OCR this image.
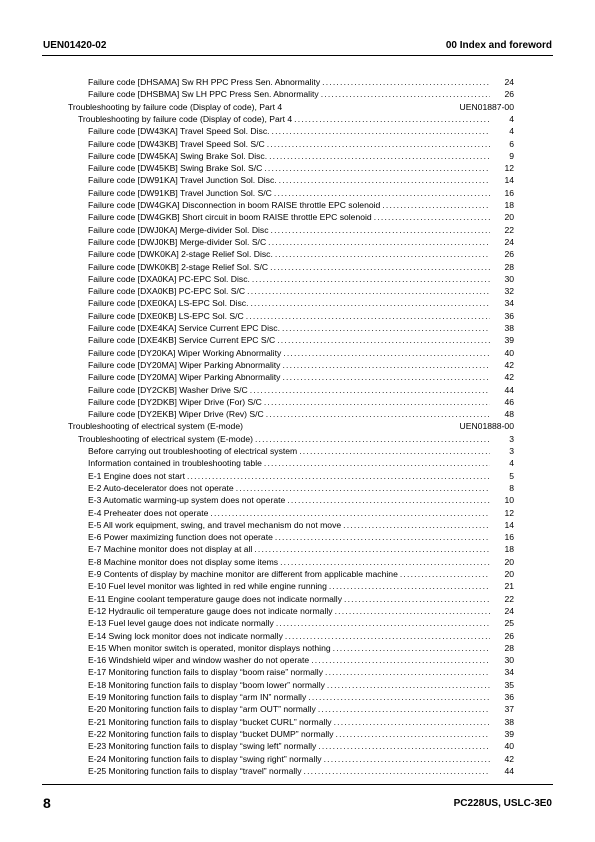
UEN01420-02	00 Index and foreword
Failure code [DHSAMA] Sw RH PPC Press Sen. Abnormality . . .	24
Failure code [DHSBMA] Sw LH PPC Press Sen. Abnormality . . .	26
Troubleshooting by failure code (Display of code), Part 4	UEN01887-00
Troubleshooting by failure code (Display of code), Part 4 . . .	4
Failure code [DW43KA] Travel Speed Sol. Disc. . . .	4
Failure code [DW43KB] Travel Speed Sol. S/C . . .	6
Failure code [DW45KA] Swing Brake Sol. Disc. . . .	9
Failure code [DW45KB] Swing Brake Sol. S/C . . .	12
Failure code [DW91KA] Travel Junction Sol. Disc. . . .	14
Failure code [DW91KB] Travel Junction Sol. S/C . . .	16
Failure code [DW4GKA] Disconnection in boom RAISE throttle EPC solenoid . . .	18
Failure code [DW4GKB] Short circuit in boom RAISE throttle EPC solenoid . . .	20
Failure code [DWJ0KA] Merge-divider Sol. Disc . . .	22
Failure code [DWJ0KB] Merge-divider Sol. S/C . . .	24
Failure code [DWK0KA] 2-stage Relief Sol. Disc. . . .	26
Failure code [DWK0KB] 2-stage Relief Sol. S/C . . .	28
Failure code [DXA0KA] PC-EPC Sol. Disc. . . .	30
Failure code [DXA0KB] PC-EPC Sol. S/C . . .	32
Failure code [DXE0KA] LS-EPC Sol. Disc. . . .	34
Failure code [DXE0KB] LS-EPC Sol. S/C . . .	36
Failure code [DXE4KA] Service Current EPC Disc. . . .	38
Failure code [DXE4KB] Service Current EPC S/C . . .	39
Failure code [DY20KA] Wiper Working Abnormality . . .	40
Failure code [DY20MA] Wiper Parking Abnormality . . .	42
Failure code [DY20MA] Wiper Parking Abnormality . . .	42
Failure code [DY2CKB] Washer Drive S/C . . .	44
Failure code [DY2DKB] Wiper Drive (For) S/C . . .	46
Failure code [DY2EKB] Wiper Drive (Rev) S/C . . .	48
Troubleshooting of electrical system (E-mode)	UEN01888-00
Troubleshooting of electrical system (E-mode) . . .	3
Before carrying out troubleshooting of electrical system . . .	3
Information contained in troubleshooting table . . .	4
E-1 Engine does not start . . .	5
E-2 Auto-decelerator does not operate . . .	8
E-3 Automatic warming-up system does not operate . . .	10
E-4 Preheater does not operate . . .	12
E-5 All work equipment, swing, and travel mechanism do not move . . .	14
E-6 Power maximizing function does not operate . . .	16
E-7 Machine monitor does not display at all . . .	18
E-8 Machine monitor does not display some items . . .	20
E-9 Contents of display by machine monitor are different from applicable machine . . .	20
E-10 Fuel level monitor was lighted in red while engine running . . .	21
E-11 Engine coolant temperature gauge does not indicate normally . . .	22
E-12 Hydraulic oil temperature gauge does not indicate normally . . .	24
E-13 Fuel level gauge does not indicate normally . . .	25
E-14 Swing lock monitor does not indicate normally . . .	26
E-15 When monitor switch is operated, monitor displays nothing . . .	28
E-16 Windshield wiper and window washer do not operate . . .	30
E-17 Monitoring function fails to display “boom raise” normally . . .	34
E-18 Monitoring function fails to display “boom lower” normally . . .	35
E-19 Monitoring function fails to display “arm IN” normally . . .	36
E-20 Monitoring function fails to display “arm OUT” normally . . .	37
E-21 Monitoring function fails to display “bucket CURL” normally . . .	38
E-22 Monitoring function fails to display “bucket DUMP” normally . . .	39
E-23 Monitoring function fails to display “swing left” normally . . .	40
E-24 Monitoring function fails to display “swing right” normally . . .	42
E-25 Monitoring function fails to display “travel” normally . . .	44
8	PC228US, USLC-3E0
